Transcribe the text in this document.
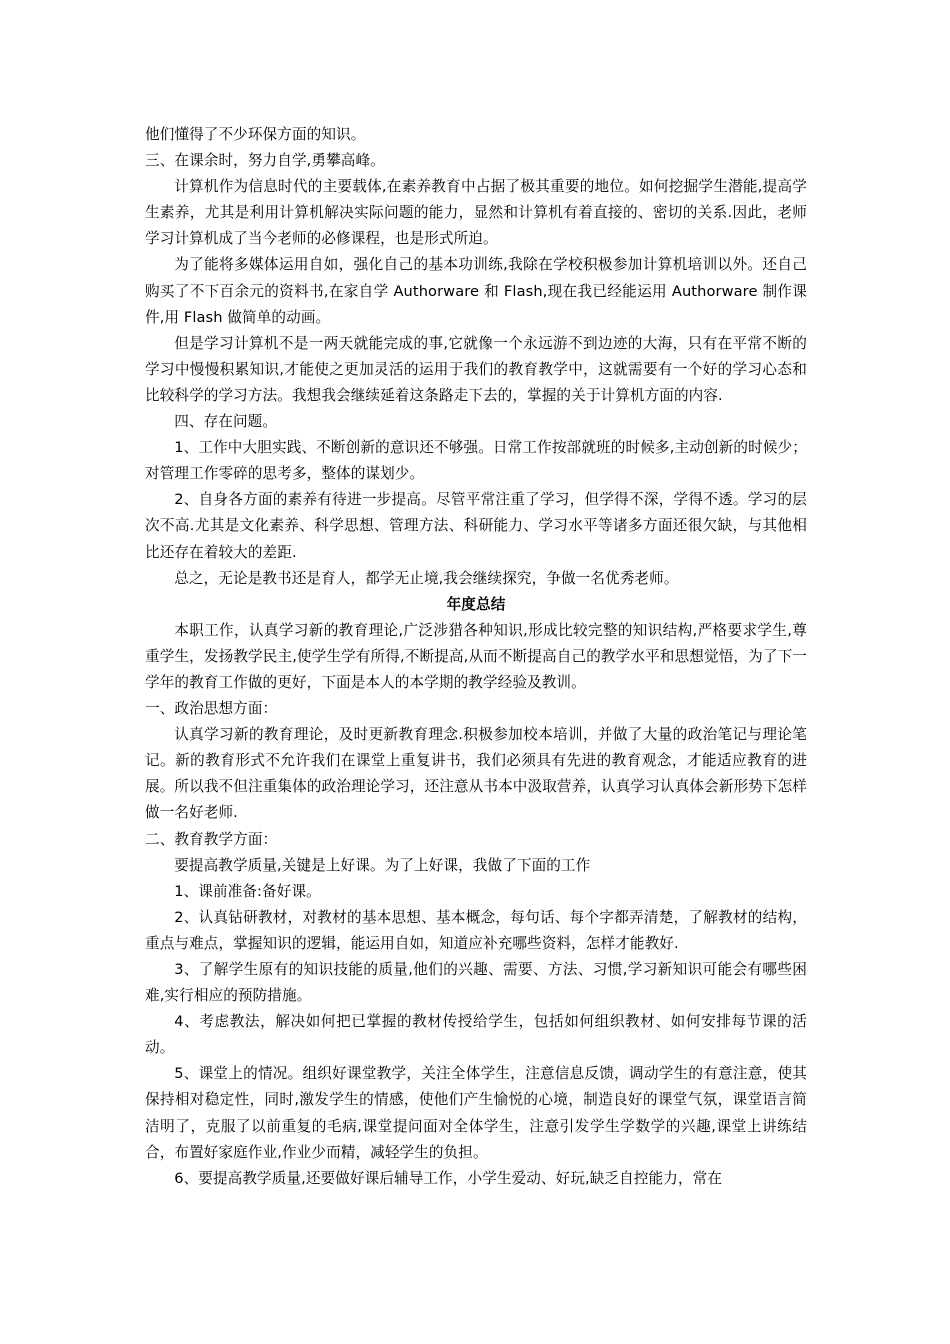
他们懂得了不少环保方面的知识。

三、在课余时，努力自学,勇攀高峰。

计算机作为信息时代的主要载体,在素养教育中占据了极其重要的地位。如何挖掘学生潜能,提高学生素养，尤其是利用计算机解决实际问题的能力，显然和计算机有着直接的、密切的关系.因此，老师学习计算机成了当今老师的必修课程，也是形式所迫。

为了能将多媒体运用自如，强化自己的基本功训练,我除在学校积极参加计算机培训以外。还自己购买了不下百余元的资料书,在家自学 Authorware 和 Flash,现在我已经能运用 Authorware 制作课件,用 Flash 做简单的动画。

但是学习计算机不是一两天就能完成的事,它就像一个永远游不到边迹的大海，只有在平常不断的学习中慢慢积累知识,才能使之更加灵活的运用于我们的教育教学中，这就需要有一个好的学习心态和比较科学的学习方法。我想我会继续延着这条路走下去的，掌握的关于计算机方面的内容.

四、存在问题。

1、工作中大胆实践、不断创新的意识还不够强。日常工作按部就班的时候多,主动创新的时候少；对管理工作零碎的思考多，整体的谋划少。

2、自身各方面的素养有待进一步提高。尽管平常注重了学习，但学得不深，学得不透。学习的层次不高.尤其是文化素养、科学思想、管理方法、科研能力、学习水平等诸多方面还很欠缺，与其他相比还存在着较大的差距.

总之，无论是教书还是育人，都学无止境,我会继续探究，争做一名优秀老师。

年度总结

本职工作，认真学习新的教育理论,广泛涉猎各种知识,形成比较完整的知识结构,严格要求学生,尊重学生，发扬教学民主,使学生学有所得,不断提高,从而不断提高自己的教学水平和思想觉悟，为了下一学年的教育工作做的更好，下面是本人的本学期的教学经验及教训。

一、政治思想方面：

认真学习新的教育理论，及时更新教育理念.积极参加校本培训，并做了大量的政治笔记与理论笔记。新的教育形式不允许我们在课堂上重复讲书，我们必须具有先进的教育观念，才能适应教育的进展。所以我不但注重集体的政治理论学习，还注意从书本中汲取营养，认真学习认真体会新形势下怎样做一名好老师.

二、教育教学方面：

要提高教学质量,关键是上好课。为了上好课，我做了下面的工作

1、课前准备:备好课。

2、认真钻研教材，对教材的基本思想、基本概念，每句话、每个字都弄清楚，了解教材的结构，重点与难点，掌握知识的逻辑，能运用自如，知道应补充哪些资料，怎样才能教好.

3、了解学生原有的知识技能的质量,他们的兴趣、需要、方法、习惯,学习新知识可能会有哪些困难,实行相应的预防措施。

4、考虑教法，解决如何把已掌握的教材传授给学生，包括如何组织教材、如何安排每节课的活动。

5、课堂上的情况。组织好课堂教学，关注全体学生，注意信息反馈，调动学生的有意注意，使其保持相对稳定性，同时,激发学生的情感，使他们产生愉悦的心境，制造良好的课堂气氛，课堂语言简洁明了，克服了以前重复的毛病,课堂提问面对全体学生，注意引发学生学数学的兴趣,课堂上讲练结合，布置好家庭作业,作业少而精，减轻学生的负担。

6、要提高教学质量,还要做好课后辅导工作，小学生爱动、好玩,缺乏自控能力，常在
